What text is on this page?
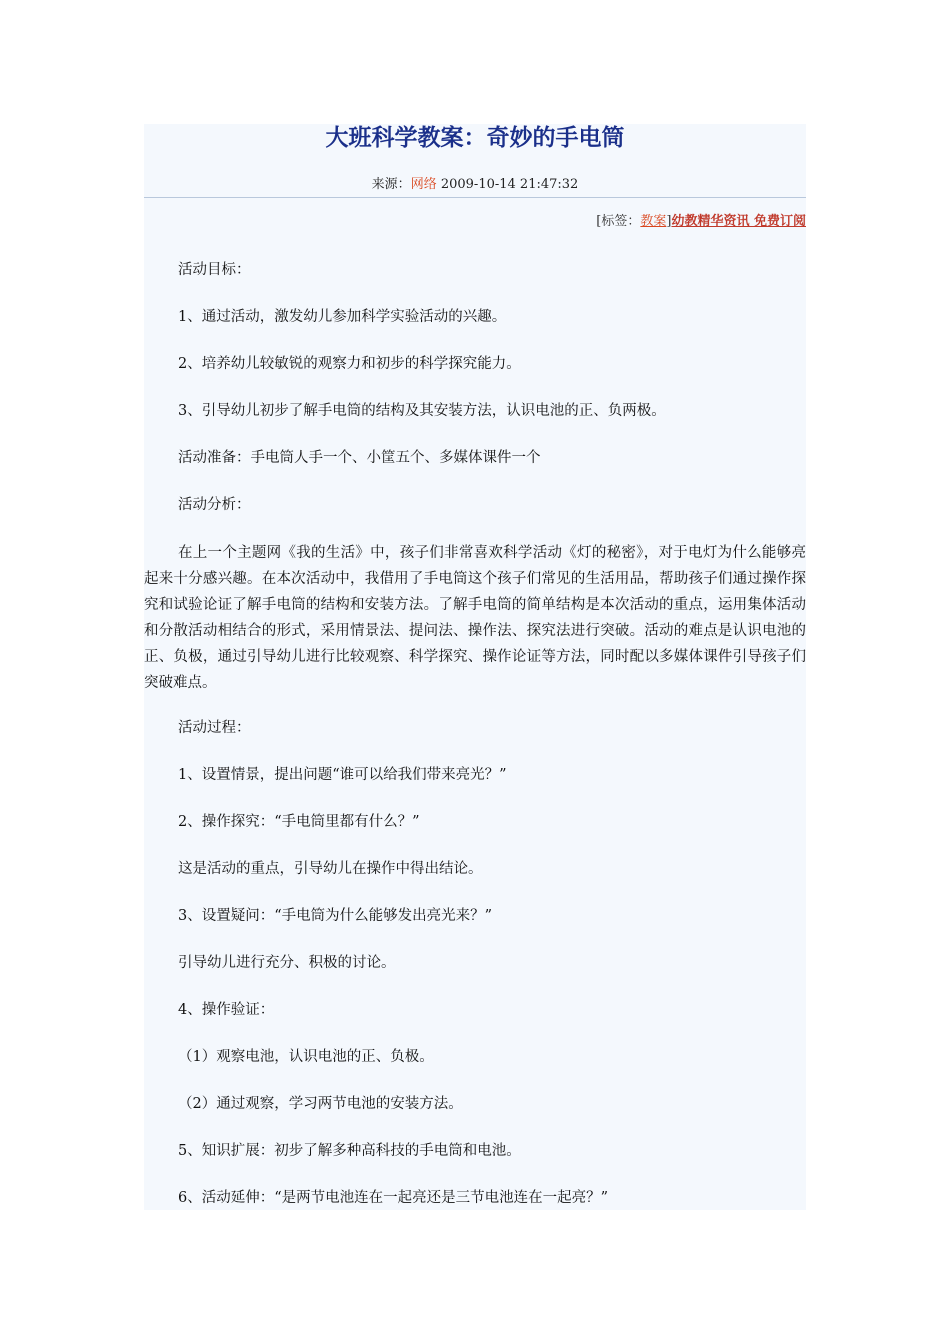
大班科学教案：奇妙的手电筒
来源：网络 2009-10-14 21:47:32
[标签：教案]幼教精华资讯 免费订阅

活动目标：

1、通过活动，激发幼儿参加科学实验活动的兴趣。

2、培养幼儿较敏锐的观察力和初步的科学探究能力。

3、引导幼儿初步了解手电筒的结构及其安装方法，认识电池的正、负两极。

活动准备：手电筒人手一个、小筐五个、多媒体课件一个

活动分析：

在上一个主题网《我的生活》中，孩子们非常喜欢科学活动《灯的秘密》，对于电灯为什么能够亮起来十分感兴趣。在本次活动中，我借用了手电筒这个孩子们常见的生活用品，帮助孩子们通过操作探究和试验论证了解手电筒的结构和安装方法。了解手电筒的简单结构是本次活动的重点，运用集体活动和分散活动相结合的形式，采用情景法、提问法、操作法、探究法进行突破。活动的难点是认识电池的正、负极，通过引导幼儿进行比较观察、科学探究、操作论证等方法，同时配以多媒体课件引导孩子们突破难点。

活动过程：

1、设置情景，提出问题“谁可以给我们带来亮光？”

2、操作探究：“手电筒里都有什么？”

这是活动的重点，引导幼儿在操作中得出结论。

3、设置疑问：“手电筒为什么能够发出亮光来？”

引导幼儿进行充分、积极的讨论。

4、操作验证：

（1）观察电池，认识电池的正、负极。

（2）通过观察，学习两节电池的安装方法。

5、知识扩展：初步了解多种高科技的手电筒和电池。

6、活动延伸：“是两节电池连在一起亮还是三节电池连在一起亮？”
